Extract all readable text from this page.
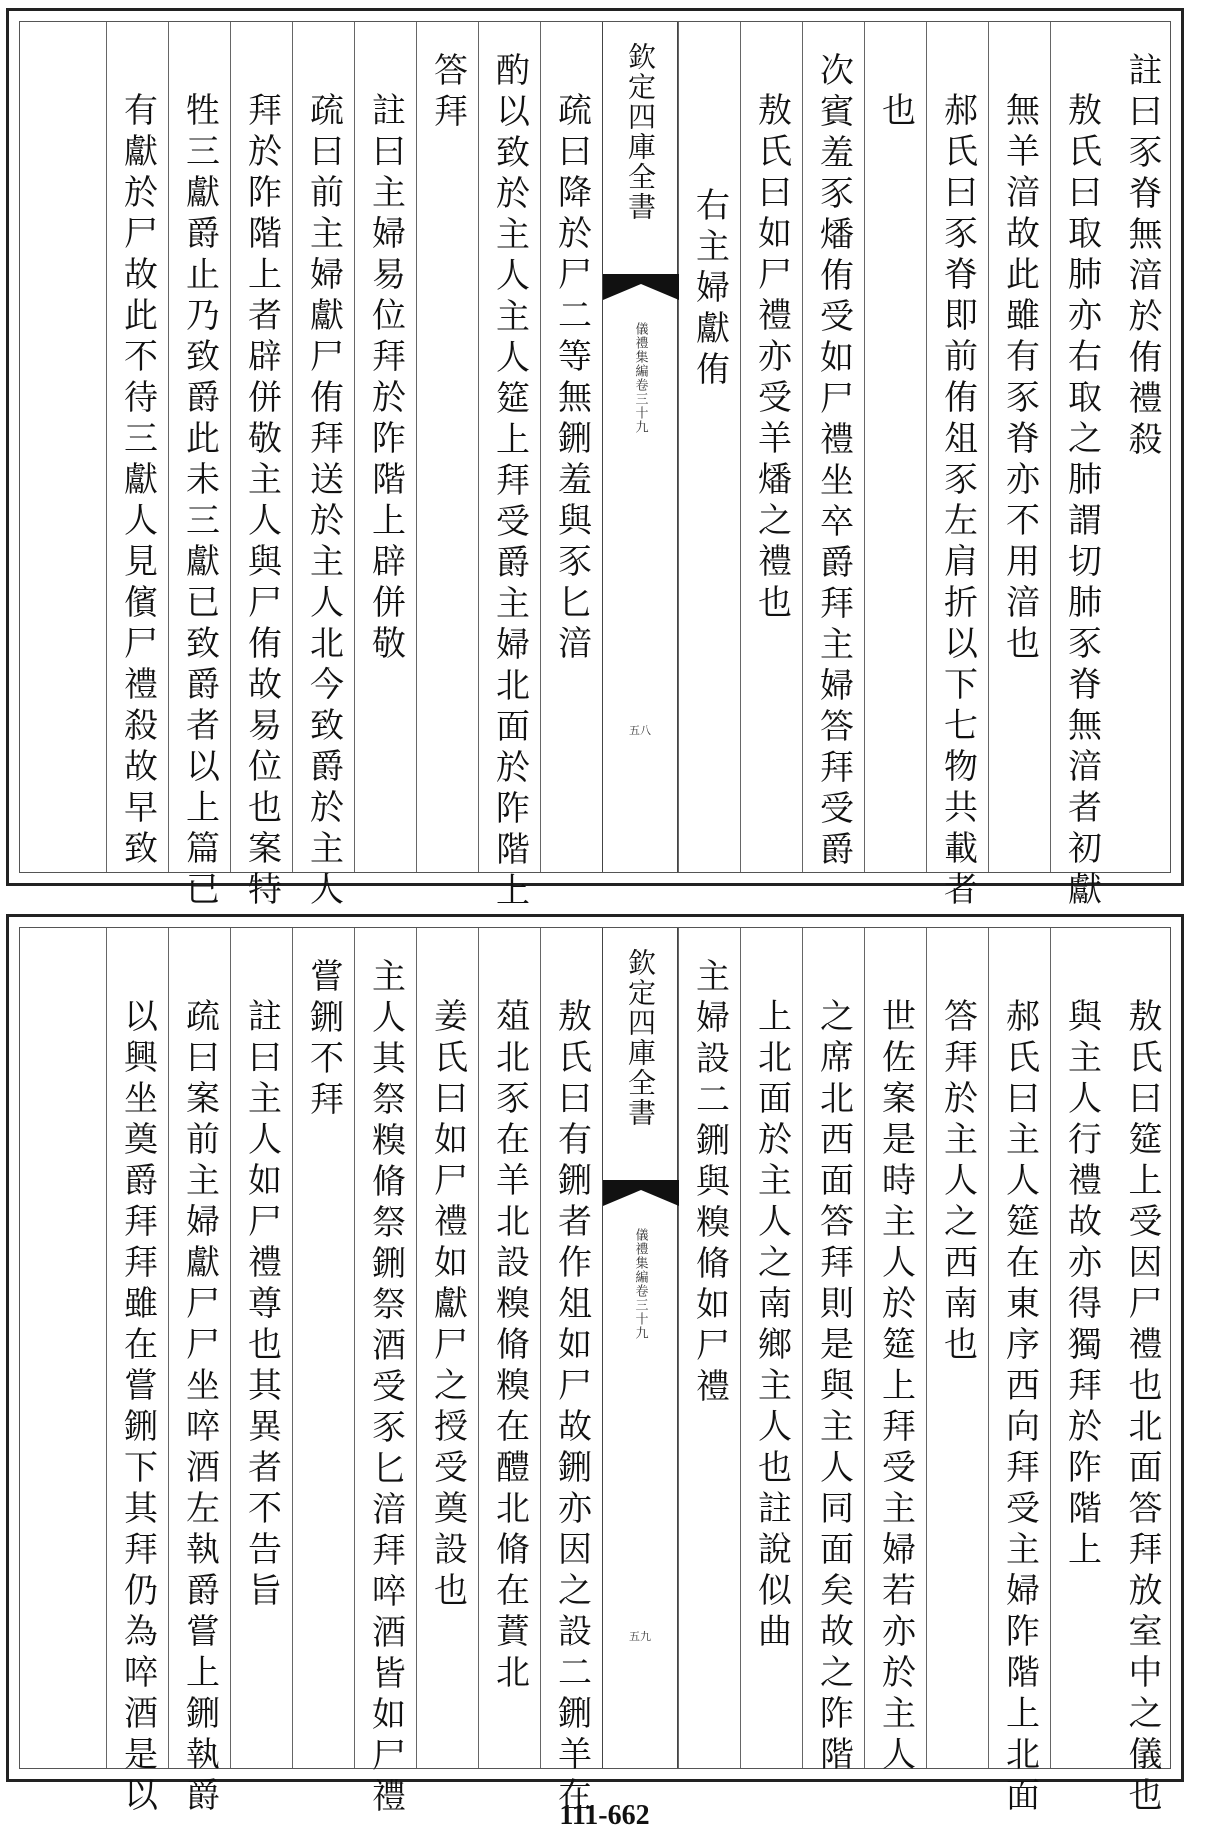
註曰豕脊無湆於侑禮殺
敖氏曰取肺亦右取之肺謂切肺豕脊無湆者初獻
無羊湆故此雖有豕脊亦不用湆也
郝氏曰豕脊即前侑俎豕左肩折以下七物共載者
也
次賓羞豕燔侑受如尸禮坐卒爵拜主婦答拜受爵
敖氏曰如尸禮亦受羊燔之禮也
右主婦獻侑
欽定四庫全書
儀禮集編卷三十九
五八
疏曰降於尸二等無鉶羞與豕匕湆
酌以致於主人主人筵上拜受爵主婦北面於阼階上
答拜
註曰主婦易位拜於阼階上辟併敬
疏曰前主婦獻尸侑拜送於主人北今致爵於主人
拜於阼階上者辟併敬主人與尸侑故易位也案特
牲三獻爵止乃致爵此未三獻已致爵者以上篇已
有獻於尸故此不待三獻人見儐尸禮殺故早致
敖氏曰筵上受因尸禮也北面答拜放室中之儀也
與主人行禮故亦得獨拜於阼階上
郝氏曰主人筵在東序西向拜受主婦阼階上北面
答拜於主人之西南也
世佐案是時主人於筵上拜受主婦若亦於主人
之席北西面答拜則是與主人同面矣故之阼階
上北面於主人之南鄉主人也註說似曲
主婦設二鉶與糗脩如尸禮
欽定四庫全書
儀禮集編卷三十九
五九
敖氏曰有鉶者作俎如尸故鉶亦因之設二鉶羊在
葅北豕在羊北設糗脩糗在醴北脩在蕡北
姜氏曰如尸禮如獻尸之授受奠設也
主人其祭糗脩祭鉶祭酒受豕匕湆拜啐酒皆如尸禮
嘗鉶不拜
註曰主人如尸禮尊也其異者不告旨
疏曰案前主婦獻尸尸坐啐酒左執爵嘗上鉶執爵
以興坐奠爵拜拜雖在嘗鉶下其拜仍為啐酒是以	111-662
